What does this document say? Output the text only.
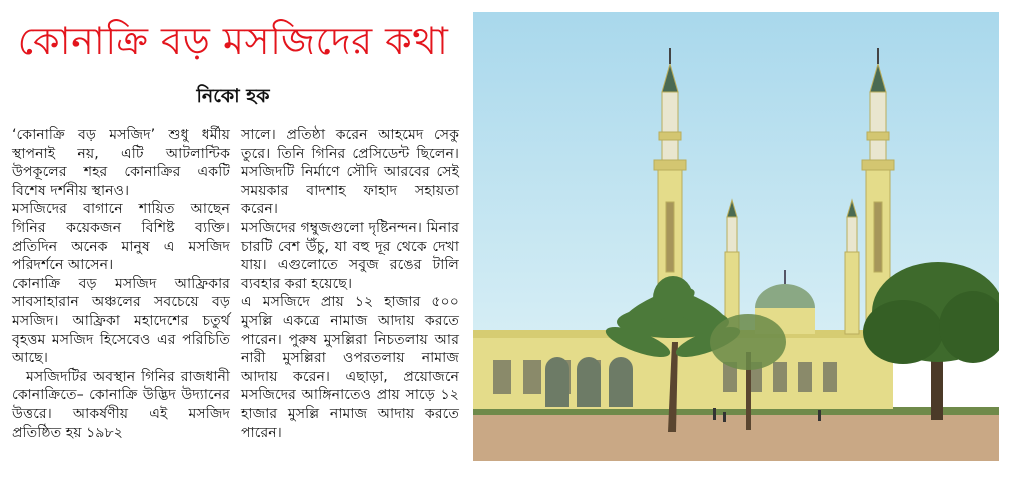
কোনাক্রি বড় মসজিদের কথা
নিকো হক

‘কোনাক্রি বড় মসজিদ’ শুধু ধর্মীয় স্থাপনাই নয়, এটি আটলান্টিক উপকূলের শহর কোনাক্রির একটি বিশেষ দর্শনীয় স্থানও।

মসজিদের বাগানে শায়িত আছেন গিনির কয়েকজন বিশিষ্ট ব্যক্তি। প্রতিদিন অনেক মানুষ এ মসজিদ পরিদর্শনে আসেন।

কোনাক্রি বড় মসজিদ আফ্রিকার সাবসাহারান অঞ্চলের সবচেয়ে বড় মসজিদ। আফ্রিকা মহাদেশের চতুর্থ বৃহত্তম মসজিদ হিসেবেও এর পরিচিতি আছে।

মসজিদটির অবস্থান গিনির রাজধানী কোনাক্রিতে– কোনাক্রি উদ্ভিদ উদ্যানের উত্তরে। আকর্ষণীয় এই মসজিদ প্রতিষ্ঠিত হয় ১৯৮২

সালে। প্রতিষ্ঠা করেন আহমেদ সেকু তুরে। তিনি গিনির প্রেসিডেন্ট ছিলেন। মসজিদটি নির্মাণে সৌদি আরবের সেই সময়কার বাদশাহ ফাহাদ সহায়তা করেন।

মসজিদের গম্বুজগুলো দৃষ্টিনন্দন। মিনার চারটি বেশ উঁচু, যা বহু দূর থেকে দেখা যায়। এগুলোতে সবুজ রঙের টালি ব্যবহার করা হয়েছে।

এ মসজিদে প্রায় ১২ হাজার ৫০০ মুসল্লি একত্রে নামাজ আদায় করতে পারেন। পুরুষ মুসল্লিরা নিচতলায় আর নারী মুসল্লিরা ওপরতলায় নামাজ আদায় করেন। এছাড়া, প্রয়োজনে মসজিদের আঙ্গিনাতেও প্রায় সাড়ে ১২ হাজার মুসল্লি নামাজ আদায় করতে পারেন।
